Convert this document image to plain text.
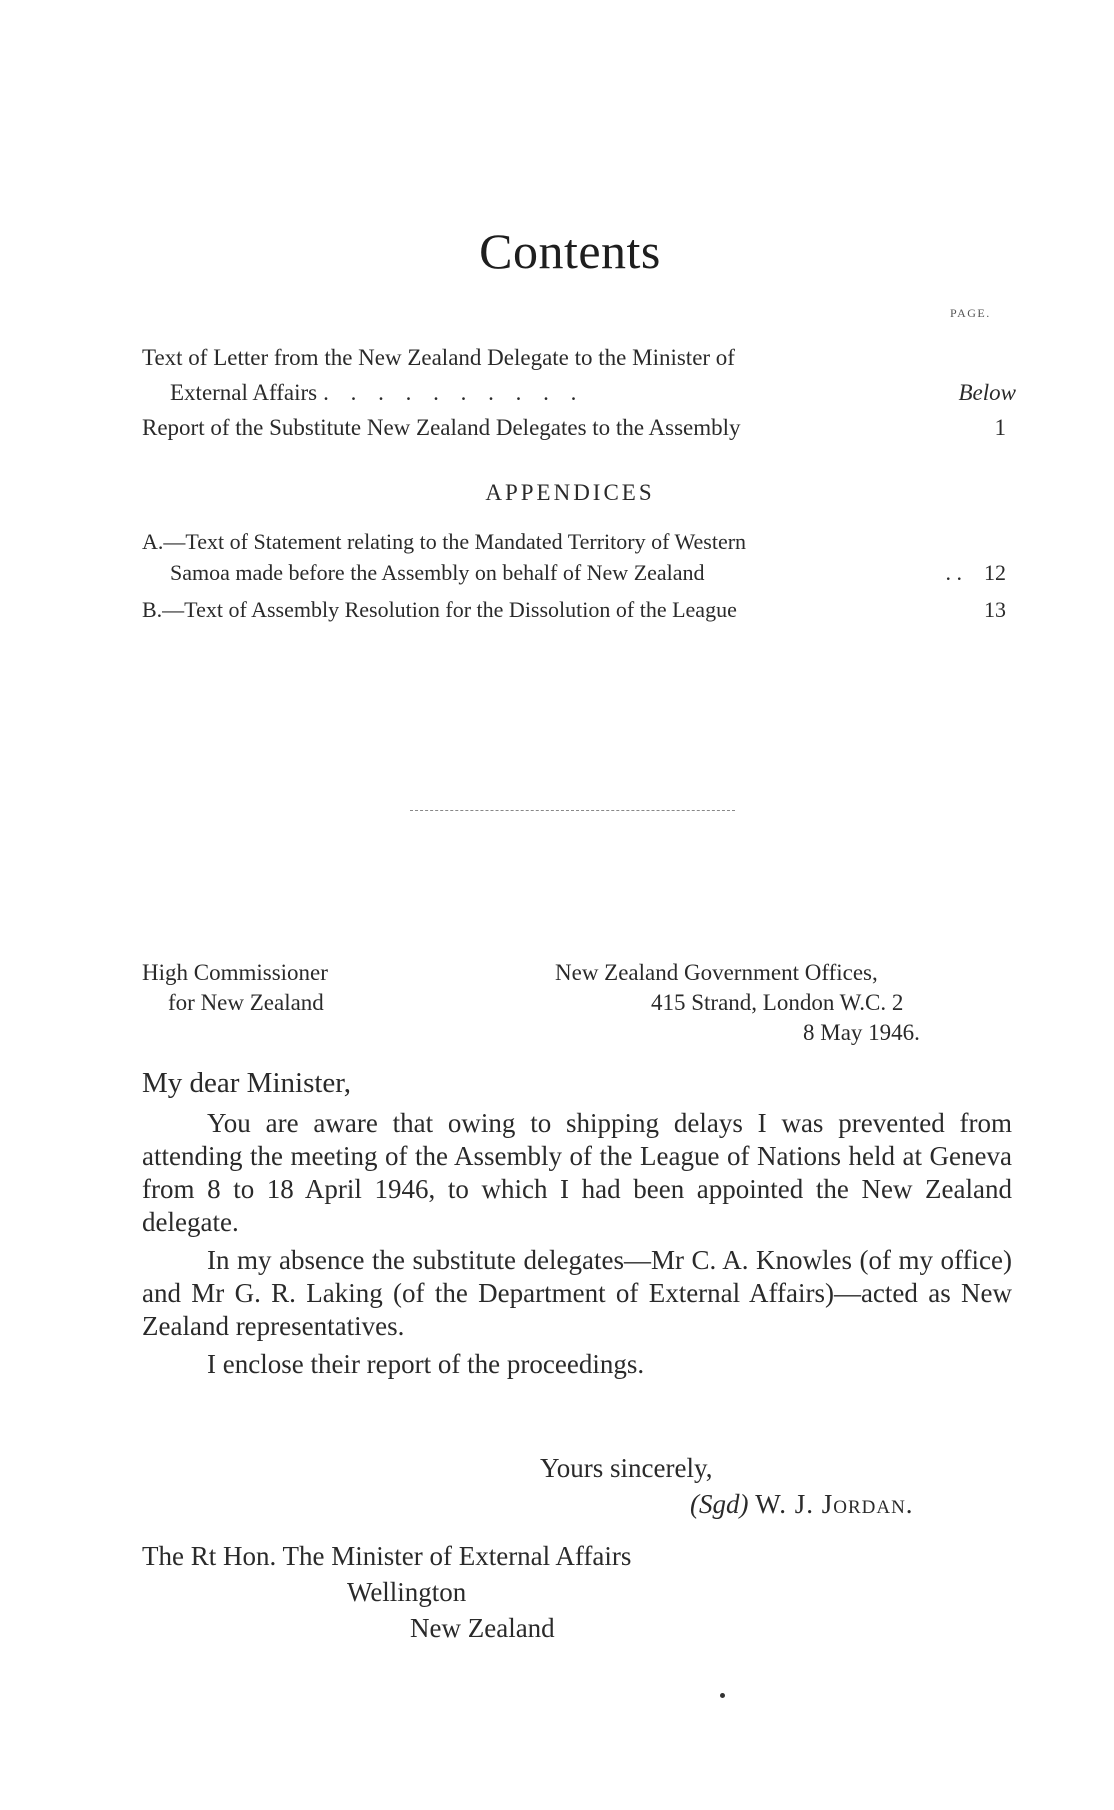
Contents
PAGE.
Text of Letter from the New Zealand Delegate to the Minister of
External Affairs . . . . . . . . . .	Below
Report of the Substitute New Zealand Delegates to the Assembly	1
APPENDICES
A.—Text of Statement relating to the Mandated Territory of Western
Samoa made before the Assembly on behalf of New Zealand	. . 12
B.—Text of Assembly Resolution for the Dissolution of the League	13
High Commissioner
for New Zealand
New Zealand Government Offices,
415 Strand, London W.C. 2
8 May 1946.
My dear Minister,

You are aware that owing to shipping delays I was prevented from attending the meeting of the Assembly of the League of Nations held at Geneva from 8 to 18 April 1946, to which I had been appointed the New Zealand delegate.

In my absence the substitute delegates—Mr C. A. Knowles (of my office) and Mr G. R. Laking (of the Department of External Affairs)—acted as New Zealand representatives.

I enclose their report of the proceedings.

Yours sincerely,
(Sgd) W. J. Jordan.
The Rt Hon. The Minister of External Affairs
Wellington
New Zealand
